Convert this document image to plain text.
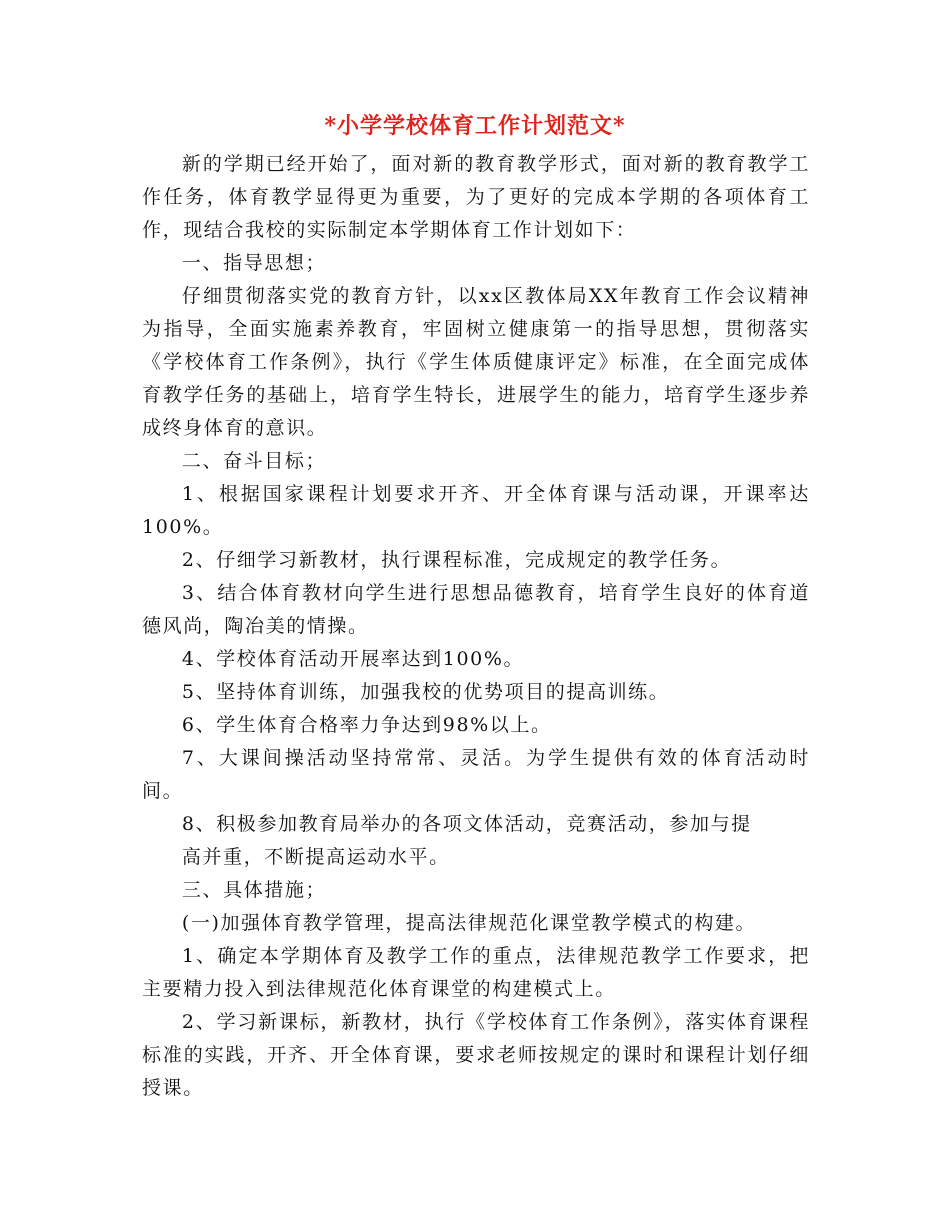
*小学学校体育工作计划范文*

新的学期已经开始了，面对新的教育教学形式，面对新的教育教学工作任务，体育教学显得更为重要，为了更好的完成本学期的各项体育工作，现结合我校的实际制定本学期体育工作计划如下：

一、指导思想；

仔细贯彻落实党的教育方针，以xx区教体局XX年教育工作会议精神为指导，全面实施素养教育，牢固树立健康第一的指导思想，贯彻落实《学校体育工作条例》，执行《学生体质健康评定》标准，在全面完成体育教学任务的基础上，培育学生特长，进展学生的能力，培育学生逐步养成终身体育的意识。

二、奋斗目标；

1、根据国家课程计划要求开齐、开全体育课与活动课，开课率达100%。

2、仔细学习新教材，执行课程标准，完成规定的教学任务。

3、结合体育教材向学生进行思想品德教育，培育学生良好的体育道德风尚，陶冶美的情操。

4、学校体育活动开展率达到100%。

5、坚持体育训练，加强我校的优势项目的提高训练。

6、学生体育合格率力争达到98%以上。

7、大课间操活动坚持常常、灵活。为学生提供有效的体育活动时间。

8、积极参加教育局举办的各项文体活动，竞赛活动，参加与提

高并重，不断提高运动水平。

三、具体措施；

(一)加强体育教学管理，提高法律规范化课堂教学模式的构建。

1、确定本学期体育及教学工作的重点，法律规范教学工作要求，把主要精力投入到法律规范化体育课堂的构建模式上。

2、学习新课标，新教材，执行《学校体育工作条例》，落实体育课程标准的实践，开齐、开全体育课，要求老师按规定的课时和课程计划仔细授课。
